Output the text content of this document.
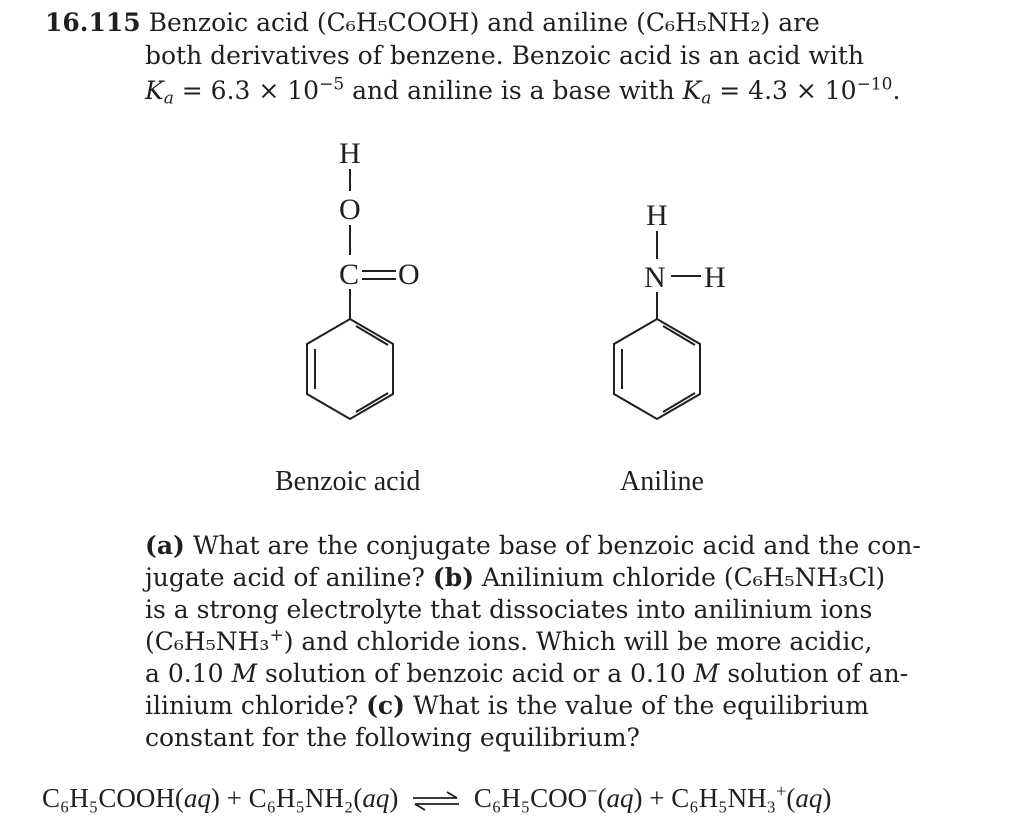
16.115 Benzoic acid (C₆H₅COOH) and aniline (C₆H₅NH₂) are
both derivatives of benzene. Benzoic acid is an acid with
$K_a = 6.3 \times 10^{-5}$ and aniline is a base with $K_a = 4.3 \times 10^{-10}$.
H
O
C O
H
N H
Benzoic acid	Aniline
(a) What are the conjugate base of benzoic acid and the con-
jugate acid of aniline? (b) Anilinium chloride (C₆H₅NH₃Cl)
is a strong electrolyte that dissociates into anilinium ions
(C₆H₅NH₃+) and chloride ions. Which will be more acidic,
a 0.10 M solution of benzoic acid or a 0.10 M solution of an-
ilinium chloride? (c) What is the value of the equilibrium
constant for the following equilibrium?
C₆H₅COOH(aq) + C₆H₅NH₂(aq) ⇌ C₆H₅COO−(aq) + C₆H₅NH₃+(aq)
